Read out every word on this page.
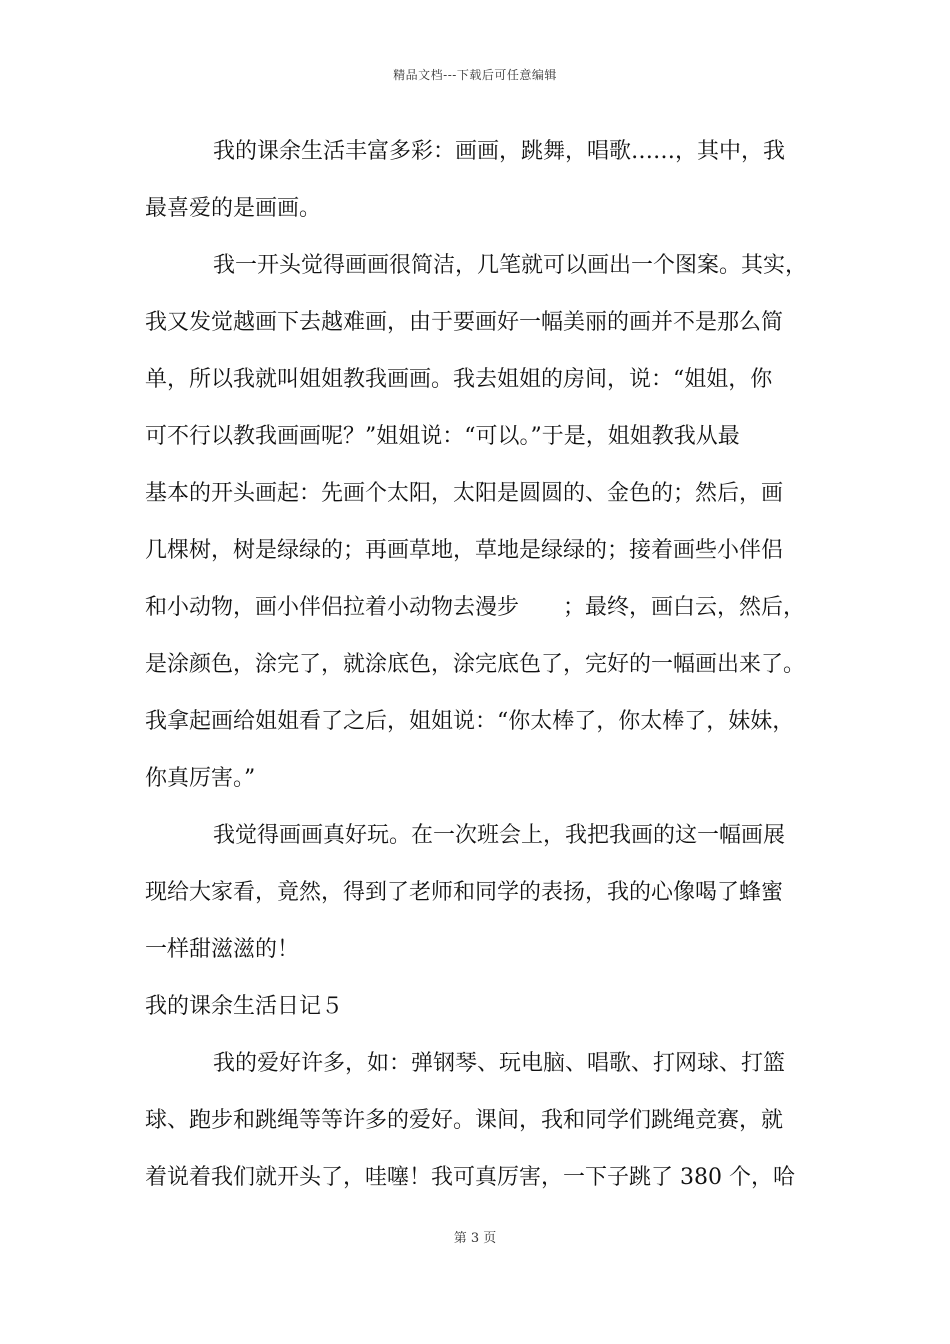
精品文档---下载后可任意编辑
我的课余生活丰富多彩：画画，跳舞，唱歌……，其中，我
最喜爱的是画画。
我一开头觉得画画很简洁，几笔就可以画出一个图案。其实，
我又发觉越画下去越难画，由于要画好一幅美丽的画并不是那么简
单，所以我就叫姐姐教我画画。我去姐姐的房间，说：“姐姐，你
可不行以教我画画呢？”姐姐说：“可以。”于是，姐姐教我从最
基本的开头画起：先画个太阳，太阳是圆圆的、金色的；然后，画
几棵树，树是绿绿的；再画草地，草地是绿绿的；接着画些小伴侣
和小动物，画小伴侣拉着小动物去漫步　　；最终，画白云，然后，
是涂颜色，涂完了，就涂底色，涂完底色了，完好的一幅画出来了。
我拿起画给姐姐看了之后，姐姐说：“你太棒了，你太棒了，妹妹，
你真厉害。”
我觉得画画真好玩。在一次班会上，我把我画的这一幅画展
现给大家看，竟然，得到了老师和同学的表扬，我的心像喝了蜂蜜
一样甜滋滋的！
我的课余生活日记５
我的爱好许多，如：弹钢琴、玩电脑、唱歌、打网球、打篮
球、跑步和跳绳等等许多的爱好。课间，我和同学们跳绳竞赛，就
着说着我们就开头了，哇噻！我可真厉害，一下子跳了 380 个，哈
第 3 页
